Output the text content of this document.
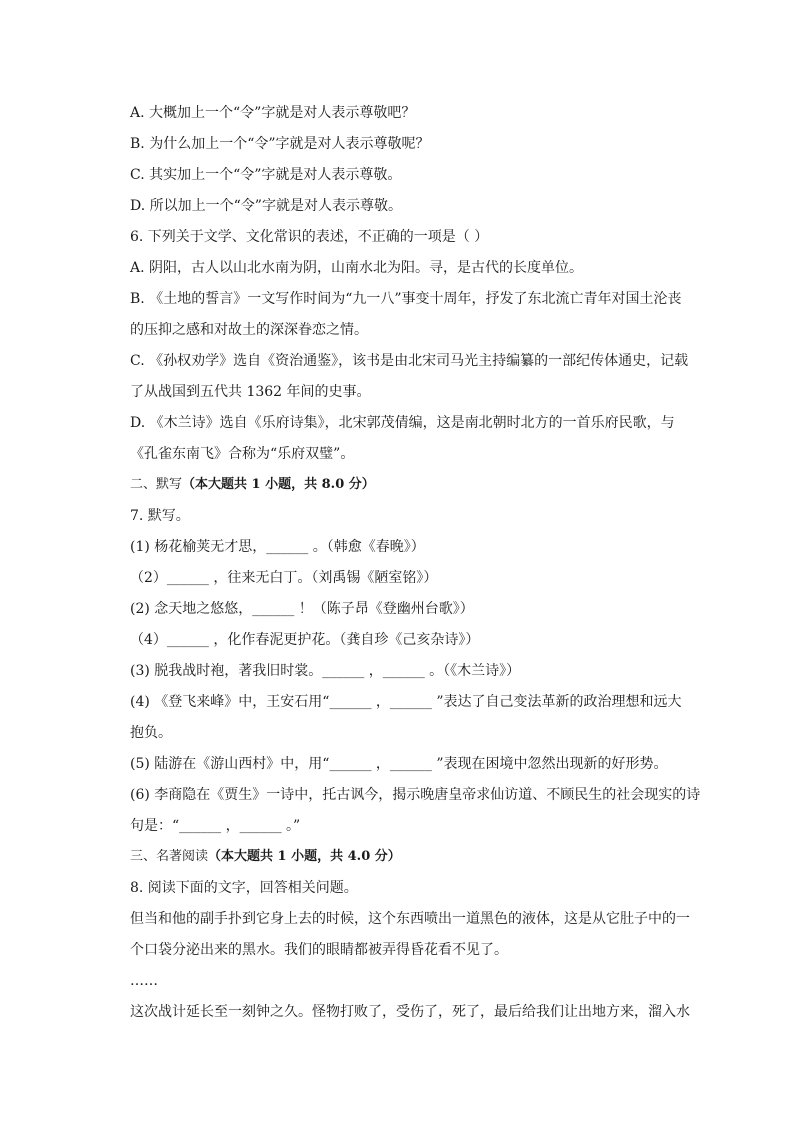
A. 大概加上一个“令”字就是对人表示尊敬吧？
B. 为什么加上一个“令”字就是对人表示尊敬呢？
C. 其实加上一个“令”字就是对人表示尊敬。
D. 所以加上一个“令”字就是对人表示尊敬。
6. 下列关于文学、文化常识的表述，不正确的一项是（ ）
A. 阴阳，古人以山北水南为阴，山南水北为阳。寻，是古代的长度单位。
B. 《土地的誓言》一文写作时间为“九一八”事变十周年，抒发了东北流亡青年对国土沦丧
的压抑之感和对故土的深深眷恋之情。
C. 《孙权劝学》选自《资治通鉴》，该书是由北宋司马光主持编纂的一部纪传体通史，记载
了从战国到五代共 1362 年间的史事。
D. 《木兰诗》选自《乐府诗集》，北宋郭茂倩编，这是南北朝时北方的一首乐府民歌，与
《孔雀东南飞》合称为“乐府双璧”。
二、默写（本大题共 1 小题，共 8.0 分）
7. 默写。
(1) 杨花榆荚无才思，______ 。（韩愈《春晚》）
（2）______ ，往来无白丁。（刘禹锡《陋室铭》）
(2) 念天地之悠悠，______ ！（陈子昂《登幽州台歌》）
（4）______ ，化作春泥更护花。（龚自珍《己亥杂诗》）
(3) 脱我战时袍，著我旧时裳。______ ，______ 。（《木兰诗》）
(4) 《登飞来峰》中，王安石用“______ ，______ ”表达了自己变法革新的政治理想和远大
抱负。
(5) 陆游在《游山西村》中，用“______ ，______ ”表现在困境中忽然出现新的好形势。
(6) 李商隐在《贾生》一诗中，托古讽今，揭示晚唐皇帝求仙访道、不顾民生的社会现实的诗
句是：“______ ，______ 。”
三、名著阅读（本大题共 1 小题，共 4.0 分）
8. 阅读下面的文字，回答相关问题。
但当和他的副手扑到它身上去的时候，这个东西喷出一道黑色的液体，这是从它肚子中的一
个口袋分泌出来的黑水。我们的眼睛都被弄得昏花看不见了。
……
这次战计延长至一刻钟之久。怪物打败了，受伤了，死了，最后给我们让出地方来，溜入水
